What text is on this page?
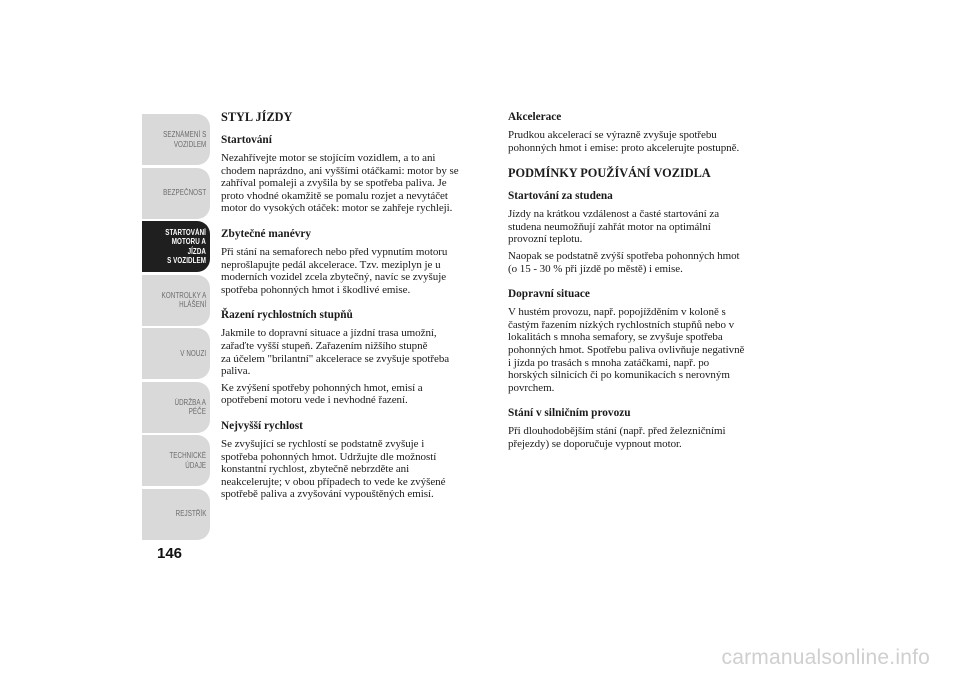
SEZNÁMENÍ S
VOZIDLEM
BEZPEČNOST
STARTOVÁNÍ
MOTORU A JÍZDA
S VOZIDLEM
KONTROLKY A
HLÁŠENÍ
V NOUZI
ÚDRŽBA A PÉČE
TECHNICKÉ
ÚDAJE
REJSTŘÍK
146
STYL JÍZDY
Startování
Nezahřívejte motor se stojícím vozidlem, a to ani
chodem naprázdno, ani vyššími otáčkami: motor by se
zahříval pomaleji a zvyšila by se spotřeba paliva. Je
proto vhodné okamžitě se pomalu rozjet a nevytáčet
motor do vysokých otáček: motor se zahřeje rychleji.
Zbytečné manévry
Při stání na semaforech nebo před vypnutím motoru
neprošlapujte pedál akcelerace. Tzv. meziplyn je u
moderních vozidel zcela zbytečný, navíc se zvyšuje
spotřeba pohonných hmot i škodlivé emise.
Řazení rychlostních stupňů
Jakmile to dopravní situace a jízdní trasa umožní,
zařaďte vyšší stupeň. Zařazením nižšího stupně
za účelem "brilantní" akcelerace se zvyšuje spotřeba
paliva.
Ke zvýšení spotřeby pohonných hmot, emisí a
opotřebení motoru vede i nevhodné řazení.
Nejvyšší rychlost
Se zvyšující se rychlostí se podstatně zvyšuje i
spotřeba pohonných hmot. Udržujte dle možností
konstantní rychlost, zbytečně nebrzděte ani
neakcelerujte; v obou případech to vede ke zvýšené
spotřebě paliva a zvyšování vypouštěných emisí.
Akcelerace
Prudkou akcelerací se výrazně zvyšuje spotřebu
pohonných hmot i emise: proto akcelerujte postupně.
PODMÍNKY POUŽÍVÁNÍ VOZIDLA
Startování za studena
Jízdy na krátkou vzdálenost a časté startování za
studena neumožňují zahřát motor na optimální
provozní teplotu.
Naopak se podstatně zvýší spotřeba pohonných hmot
(o 15 - 30 % při jízdě po městě) i emise.
Dopravní situace
V hustém provozu, např. popojížděním v koloně s
častým řazením nízkých rychlostních stupňů nebo v
lokalitách s mnoha semafory, se zvyšuje spotřeba
pohonných hmot. Spotřebu paliva ovlivňuje negativně
i jízda po trasách s mnoha zatáčkami, např. po
horských silnicích či po komunikacích s nerovným
povrchem.
Stání v silničním provozu
Při dlouhodobějším stání (např. před železničními
přejezdy) se doporučuje vypnout motor.
carmanualsonline.info
